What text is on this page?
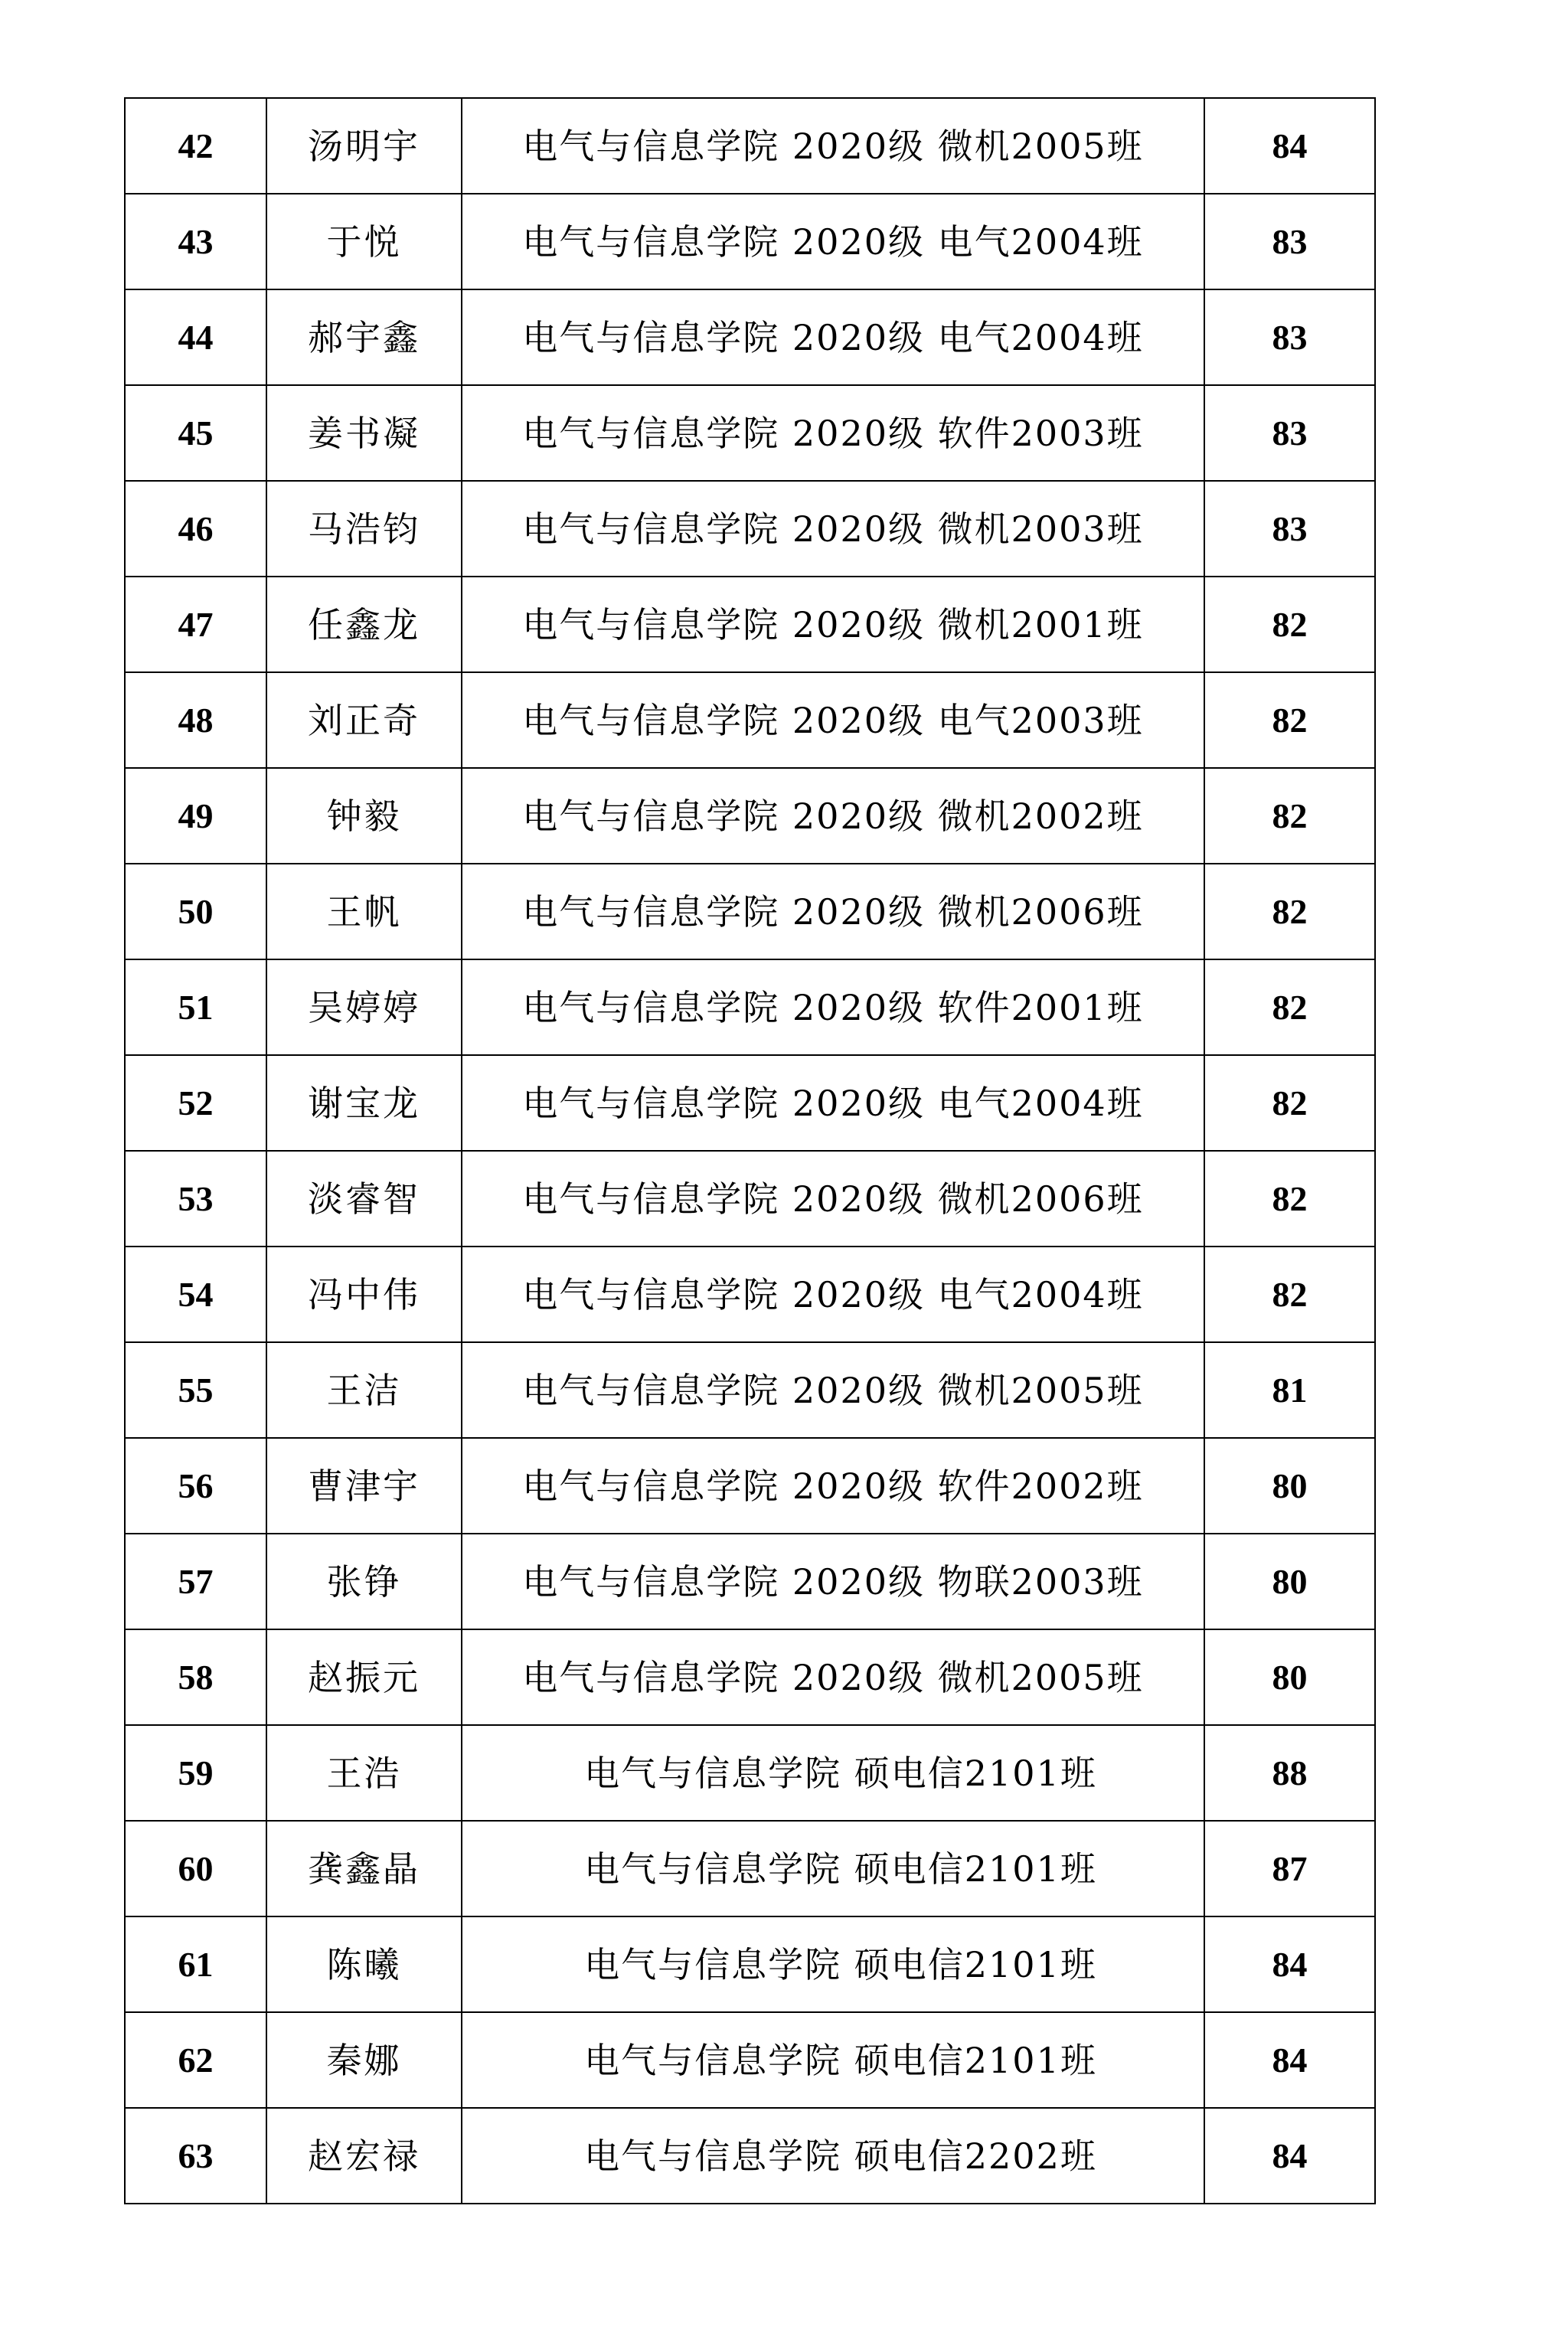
42	汤明宇	电气与信息学院 2020级 微机2005班	84
43	于悦	电气与信息学院 2020级 电气2004班	83
44	郝宇鑫	电气与信息学院 2020级 电气2004班	83
45	姜书凝	电气与信息学院 2020级 软件2003班	83
46	马浩钧	电气与信息学院 2020级 微机2003班	83
47	任鑫龙	电气与信息学院 2020级 微机2001班	82
48	刘正奇	电气与信息学院 2020级 电气2003班	82
49	钟毅	电气与信息学院 2020级 微机2002班	82
50	王帆	电气与信息学院 2020级 微机2006班	82
51	吴婷婷	电气与信息学院 2020级 软件2001班	82
52	谢宝龙	电气与信息学院 2020级 电气2004班	82
53	淡睿智	电气与信息学院 2020级 微机2006班	82
54	冯中伟	电气与信息学院 2020级 电气2004班	82
55	王洁	电气与信息学院 2020级 微机2005班	81
56	曹津宇	电气与信息学院 2020级 软件2002班	80
57	张铮	电气与信息学院 2020级 物联2003班	80
58	赵振元	电气与信息学院 2020级 微机2005班	80
59	王浩	电气与信息学院 硕电信2101班	88
60	龚鑫晶	电气与信息学院 硕电信2101班	87
61	陈曦	电气与信息学院 硕电信2101班	84
62	秦娜	电气与信息学院 硕电信2101班	84
63	赵宏禄	电气与信息学院 硕电信2202班	84
